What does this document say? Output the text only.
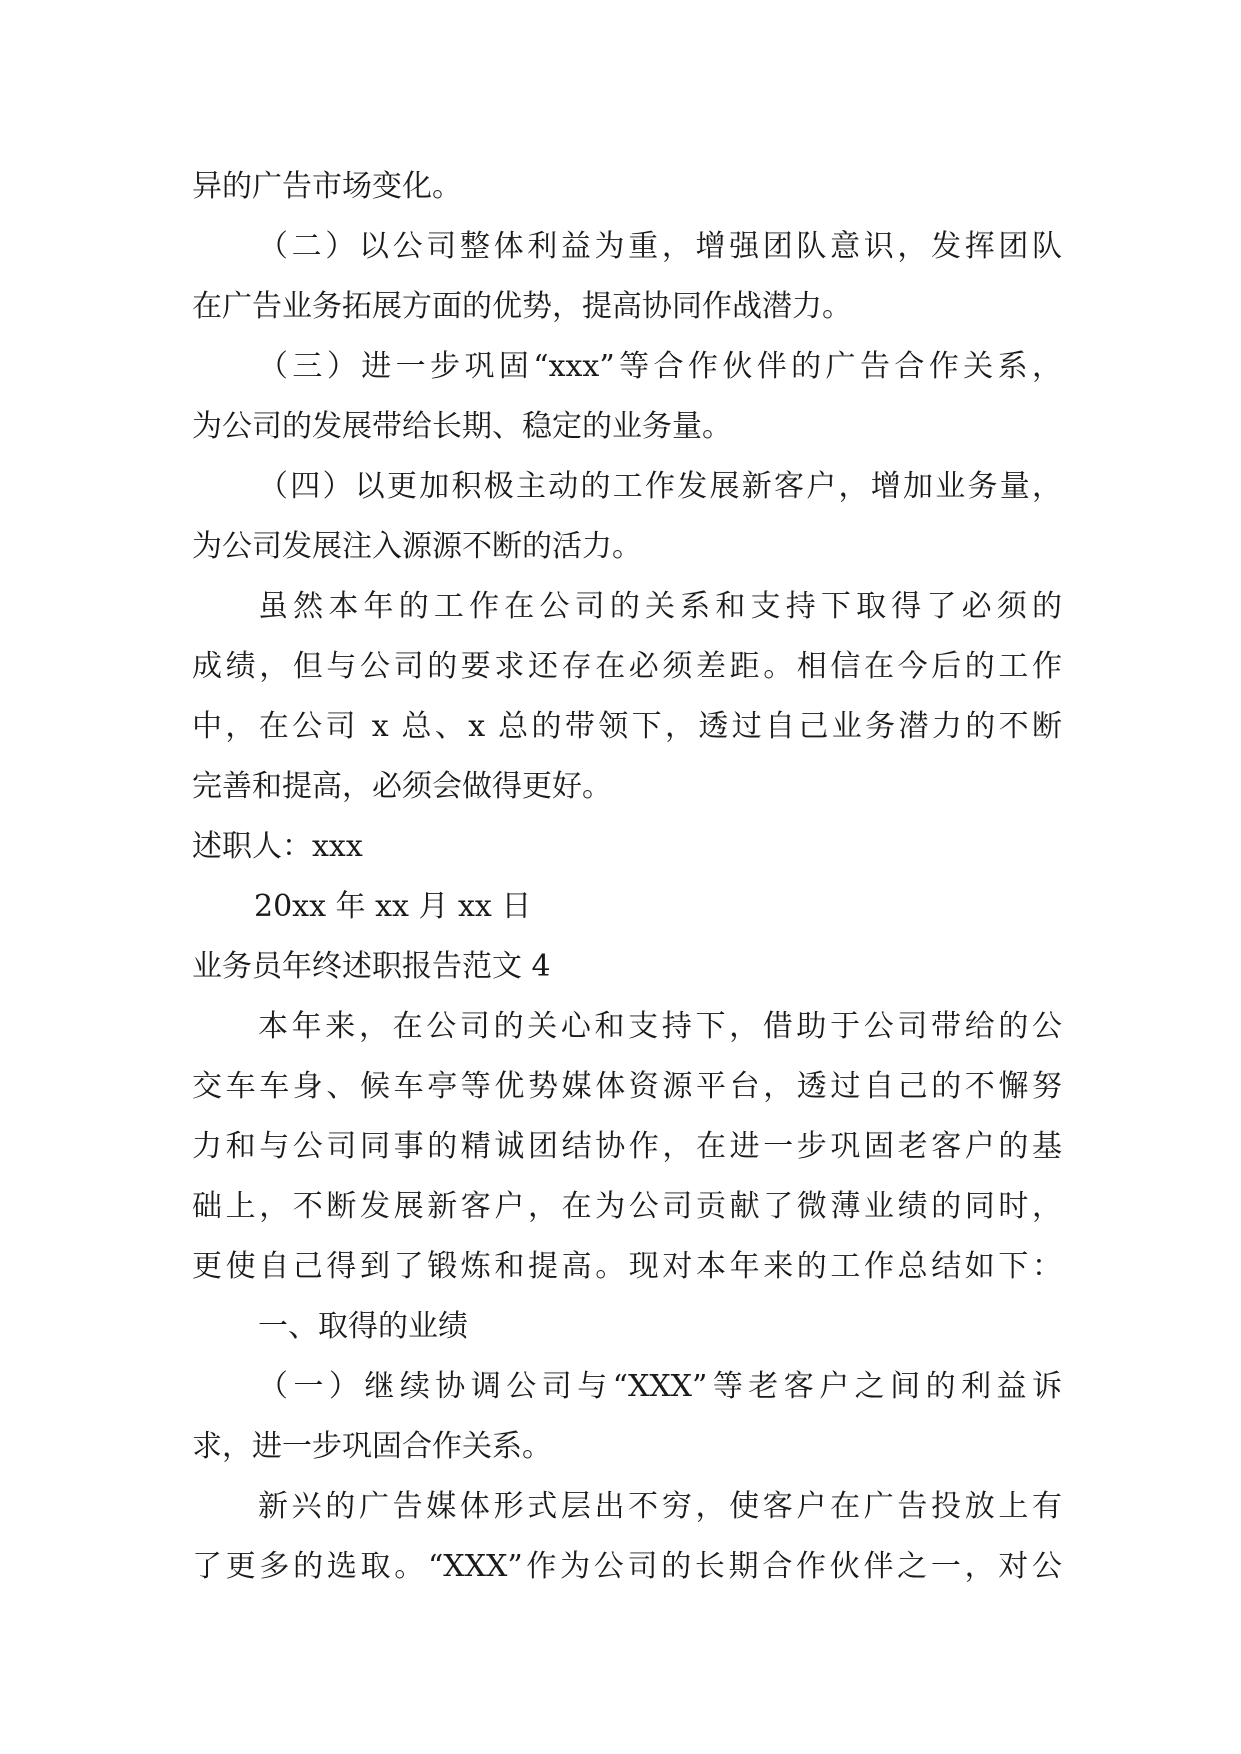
异的广告市场变化。
（二）以公司整体利益为重，增强团队意识，发挥团队
在广告业务拓展方面的优势，提高协同作战潜力。
（三）进一步巩固“xxx”等合作伙伴的广告合作关系，
为公司的发展带给长期、稳定的业务量。
（四）以更加积极主动的工作发展新客户，增加业务量，
为公司发展注入源源不断的活力。
虽然本年的工作在公司的关系和支持下取得了必须的
成绩，但与公司的要求还存在必须差距。相信在今后的工作
中，在公司 x 总、x 总的带领下，透过自己业务潜力的不断
完善和提高，必须会做得更好。
述职人：xxx
20xx 年 xx 月 xx 日
业务员年终述职报告范文 4
本年来，在公司的关心和支持下，借助于公司带给的公
交车车身、候车亭等优势媒体资源平台，透过自己的不懈努
力和与公司同事的精诚团结协作，在进一步巩固老客户的基
础上，不断发展新客户，在为公司贡献了微薄业绩的同时，
更使自己得到了锻炼和提高。现对本年来的工作总结如下：
一、取得的业绩
（一）继续协调公司与“XXX”等老客户之间的利益诉
求，进一步巩固合作关系。
新兴的广告媒体形式层出不穷，使客户在广告投放上有
了更多的选取。“XXX”作为公司的长期合作伙伴之一，对公
